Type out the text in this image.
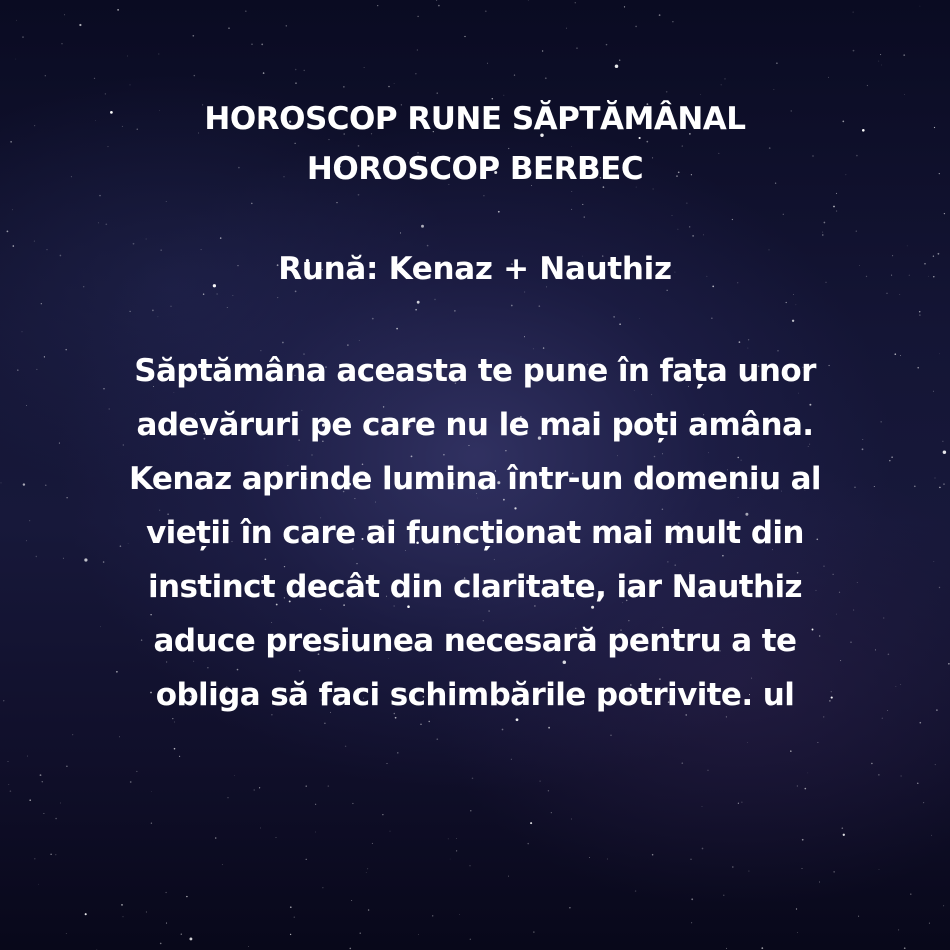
HOROSCOP RUNE SĂPTĂMÂNAL
HOROSCOP BERBEC
Rună: Kenaz + Nauthiz
Săptămâna aceasta te pune în fața unor
adevăruri pe care nu le mai poți amâna.
Kenaz aprinde lumina într-un domeniu al
vieții în care ai funcționat mai mult din
instinct decât din claritate, iar Nauthiz
aduce presiunea necesară pentru a te
obliga să faci schimbările potrivite. ul
